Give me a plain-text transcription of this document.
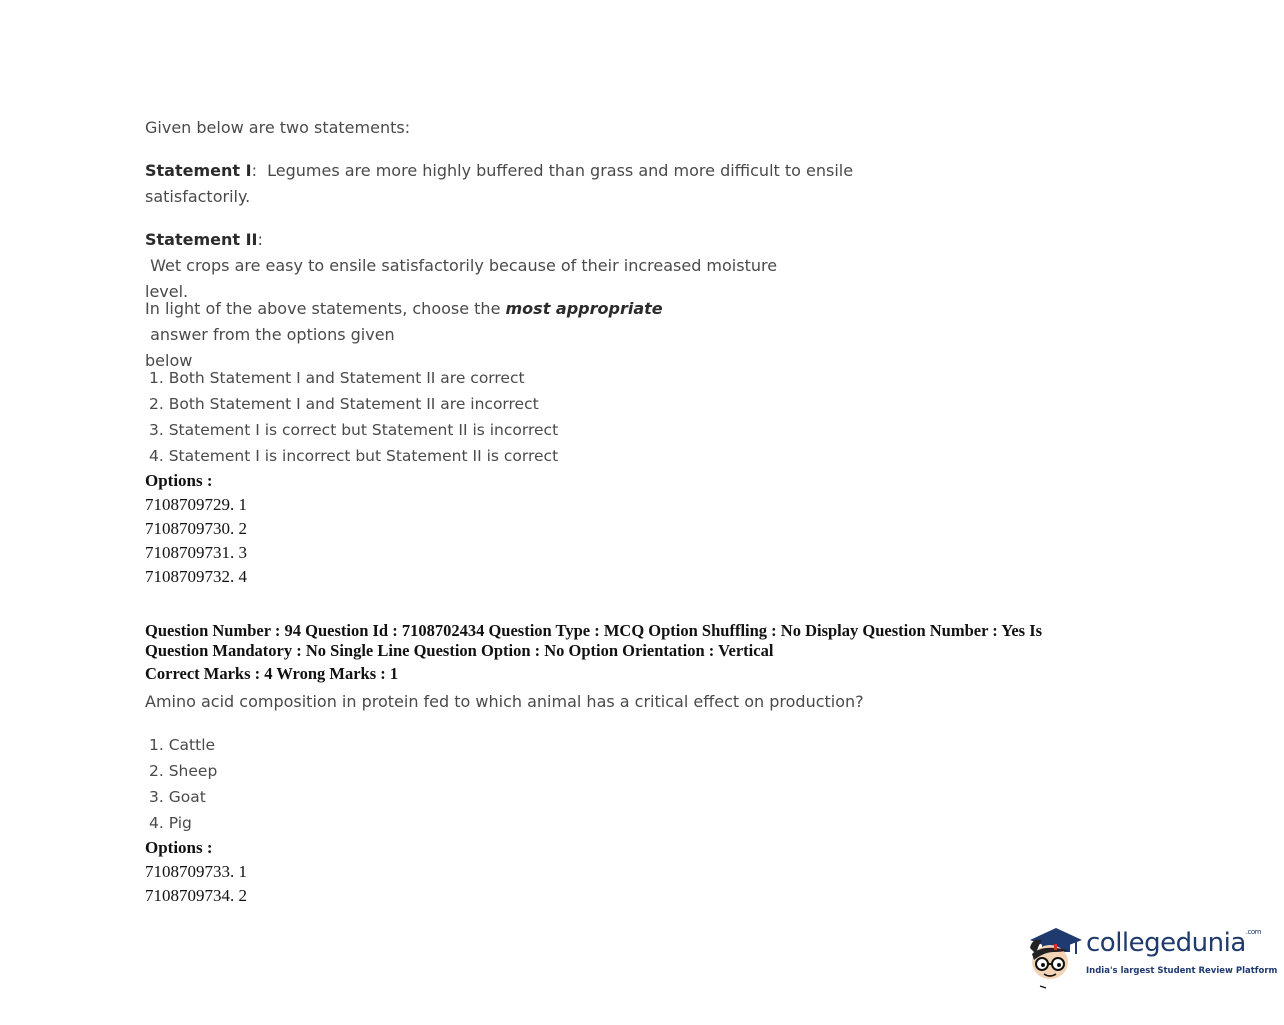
Given below are two statements:

Statement I:  Legumes are more highly buffered than grass and more difficult to ensile

satisfactorily.

Statement II: Wet crops are easy to ensile satisfactorily because of their increased moisture

level.

In light of the above statements, choose the most appropriate answer from the options given

below

1. Both Statement I and Statement II are correct
2. Both Statement I and Statement II are incorrect
3. Statement I is correct but Statement II is incorrect
4. Statement I is incorrect but Statement II is correct
Options :
7108709729. 1
7108709730. 2
7108709731. 3
7108709732. 4
Question Number : 94 Question Id : 7108702434 Question Type : MCQ Option Shuffling : No Display Question Number : Yes Is
Question Mandatory : No Single Line Question Option : No Option Orientation : Vertical
Correct Marks : 4 Wrong Marks : 1

Amino acid composition in protein fed to which animal has a critical effect on production?

1. Cattle
2. Sheep
3. Goat
4. Pig
Options :
7108709733. 1
7108709734. 2
collegedunia$^{.com}$
India's largest Student Review Platform
